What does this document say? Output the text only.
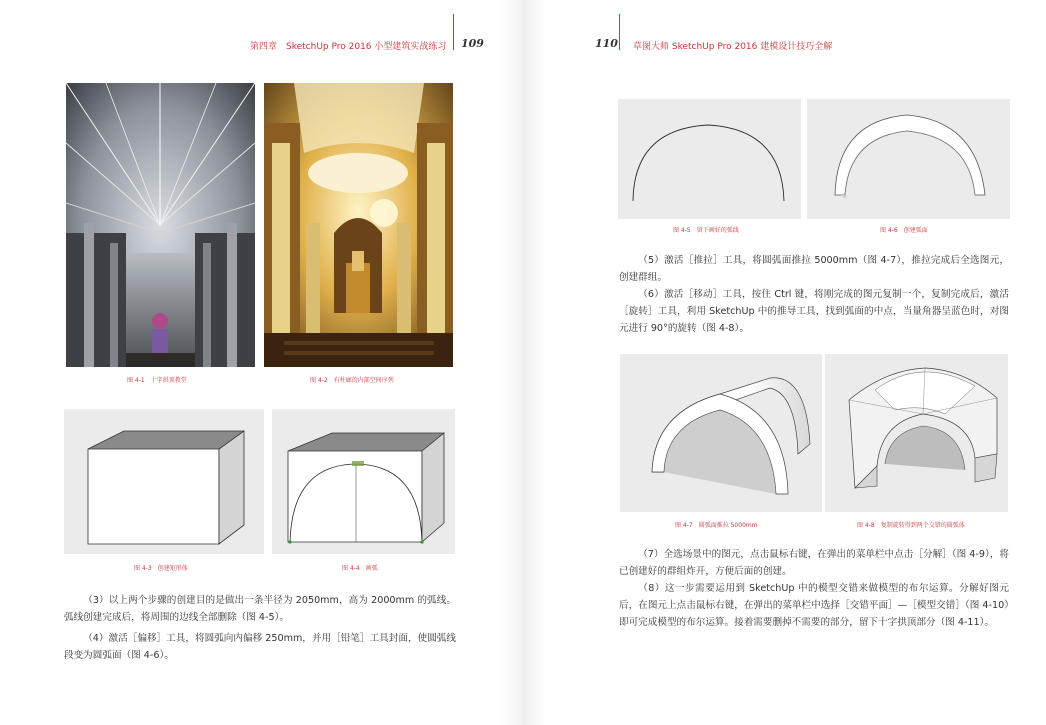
第四章　SketchUp Pro 2016 小型建筑实战练习 109
图 4-1　十字拱顶教堂	图 4-2　有柱廊的内部空间序列
图 4-3　创建矩形体	图 4-4　画弧

（3）以上两个步骤的创建目的是做出一条半径为 2050mm，高为 2000mm 的弧线。弧线创建完成后，将周围的边线全部删除（图 4-5）。

（4）激活［偏移］工具，将圆弧向内偏移 250mm，并用［铅笔］工具封面，使圆弧线段变为圆弧面（图 4-6）。

110 草图大师 SketchUp Pro 2016 建模设计技巧全解
图 4-5　留下画好的弧线	图 4-6　创建弧面

（5）激活［推拉］工具，将圆弧面推拉 5000mm（图 4-7），推拉完成后全选图元，创建群组。

（6）激活［移动］工具，按住 Ctrl 键，将刚完成的图元复制一个，复制完成后，激活［旋转］工具，利用 SketchUp 中的推导工具，找到弧面的中点，当量角器呈蓝色时，对图元进行 90°的旋转（图 4-8）。

图 4-7　圆弧面推拉 5000mm	图 4-8　复制旋转得到两个交错的圆弧体

（7）全选场景中的图元，点击鼠标右键，在弹出的菜单栏中点击［分解］（图 4-9），将已创建好的群组炸开，方便后面的创建。

（8）这一步需要运用到 SketchUp 中的模型交错来做模型的布尔运算。分解好图元后，在图元上点击鼠标右键，在弹出的菜单栏中选择［交错平面］—［模型交错］（图 4-10）即可完成模型的布尔运算。接着需要删掉不需要的部分，留下十字拱顶部分（图 4-11）。
